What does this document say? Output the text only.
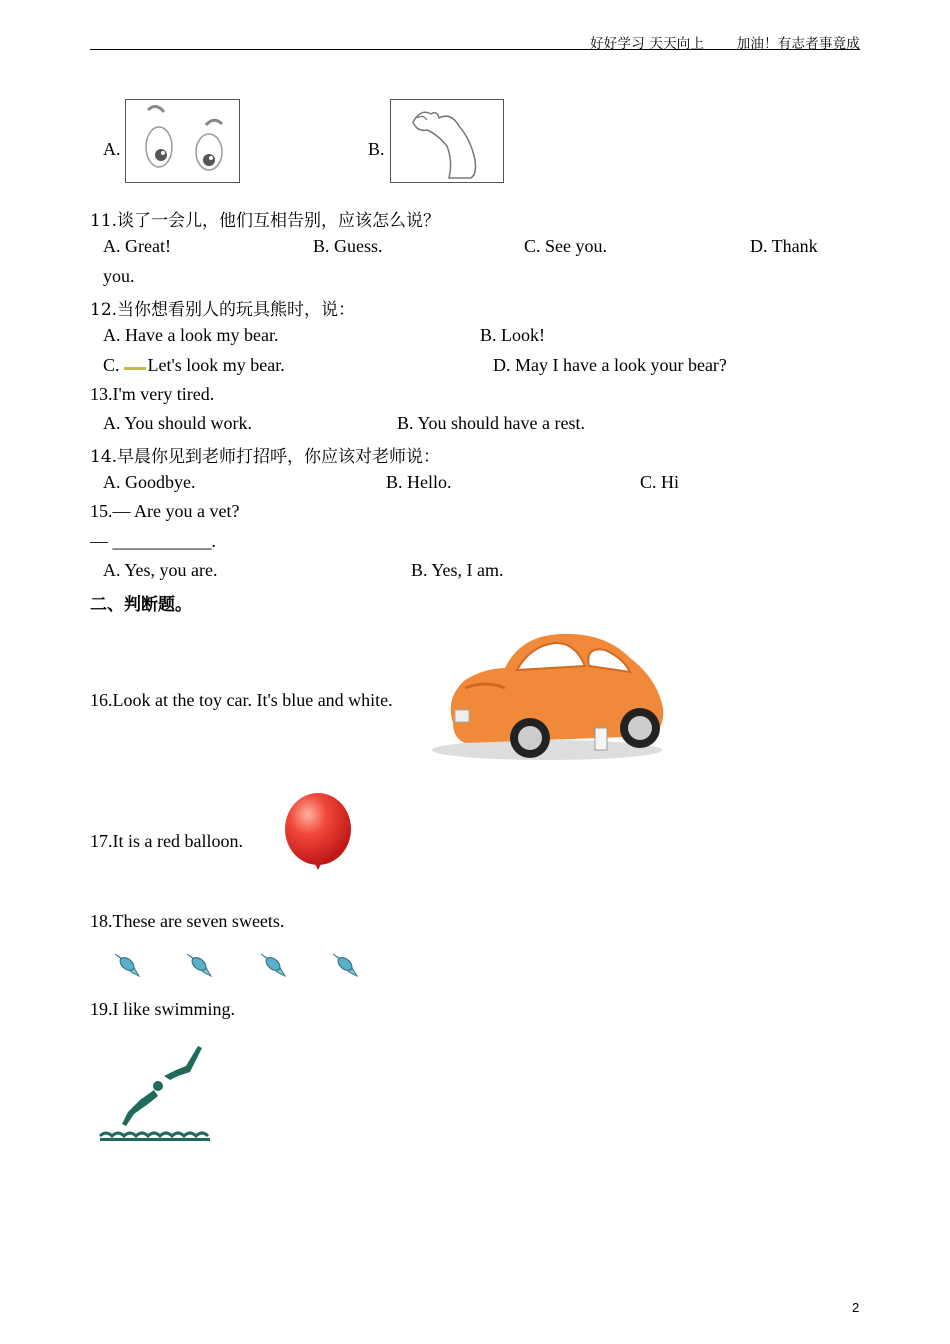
好好学习 天天向上 加油！有志者事竟成
A.	B.
11.谈了一会儿，他们互相告别，应该怎么说？
A. Great!	B. Guess.	C. See you.	D. Thank
you.
12.当你想看别人的玩具熊时，说：
A. Have a look my bear.	B. Look!
C. Let's look my bear.	D. May I have a look your bear?
13.I'm very tired.
A. You should work.	B. You should have a rest.
14.早晨你见到老师打招呼，你应该对老师说：
A. Goodbye.	B. Hello.	C. Hi
15.— Are you a vet?
— ___________.
A. Yes, you are.	B. Yes, I am.
二、判断题。
16.Look at the toy car. It's blue and white.
17.It is a red balloon.
18.These are seven sweets.
19.I like swimming.
2
